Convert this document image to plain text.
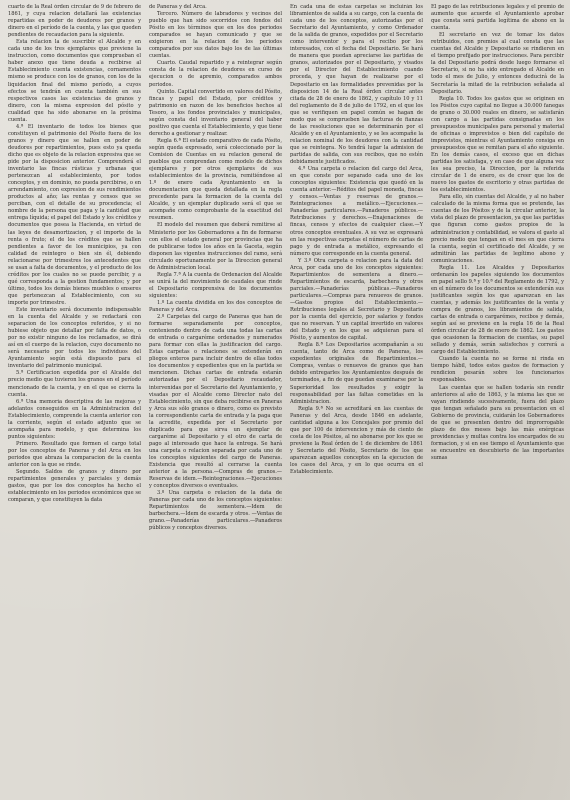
cuarto de la Real órden circular de 9 de febrero de 1861, y cuya relacion detallará las existencias repartidas en poder de deudores por granos y dinero en el período de la cuenta, y las que queden pendientes de recaudacion para la siguiente.

Esta relacion la de suscribir el Alcalde y en cada uno de los tres ejemplares que previene la instruccion, como documentos que comprueban el haber anexo que tiene deuda a recibirse al Establecimiento cuenta existencias, cornamentos mismo se produce con los de granos, con los de la liquidacion final del mismo período, a cuyos efectos se tendrán en cuenta también en sus respectivos casos las existencias de granos y dinero, con la misma expresion del pósito y cualidad que ha sido abonarse en la próxima cuenta.

4.ª El inventario de todos los bienes que constituyen el patrimonio del Pósito fuera de los granos y dinero que se hallen en poder de deudores por repartimientos, pues esto ya queda dicho que es objeto de la relacion expresiva que se pide por la disposicion anterior. Comprenderá el inventario las fincas rústicas y urbanas que pertenezcan al establecimiento, por todos conceptos, y en dominio, no pueda percibirse, o en arrendamiento, con expresion de sus rendimientos productos al año; las rentas y censos que se perciban, con el detalle de su procedencia; el nombre de la persona que paga y la cantidad que entrega líquida; el papel del Estado y los créditos y documentos que posea la Hacienda, en virtud de las leyes de desamortizacion, y el importe de la renta o fruto; el de los créditos que se hallen pendientes a favor de los municipios, ya con calidad de reintegro o bien sin él, debiendo relacionarse por trimestres los antecedentes que se usan a falta de documentos, y el producto de los créditos por los cuales no se puede percibir, y a qué corresponda a la gestion fundamentos; y por último, todos los demás bienes muebles o enseres que pertenezcan al Establecimiento, con su importe por trimestre.

Este inventario será documento indispensable en la cuenta del Alcalde y se redactará con separacion de los conceptos referidos, y si no hubiese objeto que detallar por falta de datos, o por no existir ninguno de los reclamados, se dirá así en el cuerpo de la relacion, cuyo documento no será necesario por todos los individuos del Ayuntamiento según está dispuesto para el inventario del patrimonio municipal.

5.ª Certificacion expedida por el Alcalde del precio medio que tuvieron los granos en el período mencionado de la cuenta, y en el que se cierra la cuenta.

6.ª Una memoria descriptiva de las mejoras y adelantos conseguidos en la Administracion del Establecimiento, comprende la cuenta anterior con la corriente, según el estado adjunto que se acompaña para modelo, y que determina los puntos siguientes:

Primero. Resultado que formen el cargo total por los conceptos de Paneras y del Arca en los periodos que abraza la comparacion de la cuenta anterior con la que se rinde.

Segundo. Saldos de granos y dinero por repartimientos generales y parciales y demás gastos, que por los dos conceptos ha hecho el establecimiento en los periodos económicos que se comparan, y que constituyen la data

de Paneras y del Arca.

Tercero. Número de labradores y vecinos del pueblo que han sido socorridos con fondos del Pósito en los términos que en los dos periodos comparados se hayan comunicado y que se exigieron en la relacion de los periodos comparados por sus datos bajo los de las últimas cuentas.

Cuarto. Caudal repartido y a reintegrar según consta de la relacion de deudores en curso de ejecucion o de apremio, comparados ambos periodos.

Quinto. Capital convertido en valores del Pósito, fincas y papel del Estado, por créditos y patrimonio en razon de los beneficios hechos al Tesoro, a los fondos provinciales y municipales, según consta del inventario general del haber positivo que cuenta el Establecimiento, y que tiene derecho a gestionar y realizar.

Regla 6.ª El estado comparativo de cada Pósito, según queda expresado, será coleccionado por la Comision de Cuentas en su relacion general de pueblos que comprendan como modelo de dichos ejemplares y por otros ejemplares de sus establecimientos de la provincia, remitiéndose al 1.º de enero cada Ayuntamiento en la documentacion que queda detallada en la regla precedente para la formacion de la cuenta del Alcalde, y un ejemplar duplicado será el que se acompañe como comprobante de la exactitud del resumen.

El modelo del resumen que deberá remitirse al Ministerio por los Gobernadores a fin de formarse con ellos el estado general por provincias que ha de publicarse todos los años en la Gaceta, según disponen las vigentes instrucciones del ramo, será circulado oportunamente por la Direccion general de Administracion local.

Regla 7.ª A la cuenta de Ordenacion del Alcalde se unirá la del movimiento de caudales que rinde el Depositario comprensiva de los documentos siguientes:

1.º La cuenta dividida en los dos conceptos de Paneras y del Arca.

2.º Carpetas del cargo de Paneras que han de formarse separadamente por conceptos, conteniendo dentro de cada una todas las cartas de entrada o cargaréme ordenados y numerados para formar con ellas la justificacion del cargo. Estas carpetas o relaciones se extenderán en pliegos enteros para incluir dentro de ellas todos los documentos y expedientes que en la partida se mencionen. Dichas cartas de entrada estarán autorizadas por el Depositario recaudador, intervenidas por el Secretario del Ayuntamiento, y visadas por el Alcalde como Director nato del Establecimiento, sin que deba recibirse en Paneras y Arca sus sólo granos o dinero, como es previsto la correspondiente carta de entrada y la paga que la acredite, expedida por el Secretario por duplicado para que sirva un ejemplar de cargaréme al Depositario y el otro de carta de pago al interesado que hace la entrega. Se hará una carpeta o relacion separada por cada uno de los conceptos siguientes del cargo de Paneras. Existencia que resultó al cerrarse la cuenta anterior a la persona.—Compras de granos.—Reservas de idem.—Reintegraciones.—Ejecuciones y conceptos diversos o eventuales.

3.º Una carpeta o relacion de la data de Paneras por cada uno de los conceptos siguientes: Repartimientos de sementera.—Idem de barbechera.—Ídem de escarda y otros. —Ventas de grano.—Panaderías particulares.—Panaderos públicos y conceptos diversos.

En cada una de estas carpetas se incluirán los libramientos de salida a su cargo, con la cuenta de cada uno de los conceptos, autorizadas por el Secretario del Ayuntamiento, y como Ordenador de la salida de granos, expedidos por el Secretario como interventor y para el recibo por los interesados, con el fecha del Depositario. Se hará de manera que puedan apreciarse las partidas de granos, autorizados por el Depositario, y visados por el Director del Establecimiento cuando proceda, y que hayan de realizarse por el Depositario en las formalidades prevenidas por la disposicion 14 de la Real órden circular antes citada de 28 de enero de 1862, y capítulo 10 y 11 del reglamento de 8 de julio de 1792, en el que los que se verifiquen en papel común se hagan de modo que se comprueben las facturas de fianzas de las resoluciones que se determinarán por el Alcalde y en el Ayuntamiento, y se les acompañe la relacion nominal de los deudores con la cantidad que se reintegra. No tendrá lugar la admision de partidas de salida, con sus recibos, que no estén debidamente justificados.

4.ª Una carpeta o relacion del cargo del Arca, en que conste por separado cada uno de los conceptos siguientes: Existencia que quedó en la cuenta anterior.—Réditos del papel moneda, fincas y censos.—Ventas y reservas de granos.—Reintegraciones a metálico.—Ejecuciones.—Panaderías particulares.—Panaderos públicos.—Retribuciones y derechos.—Enajenaciones de fincas, censos y efectos de cualquier clase.—Y otros conceptos eventuales. A su vez se expresará en las respectivas carpetas el número de cartas de pago y de entrada a metálico, expresando el número que corresponde en la cuenta general.

Y 3.º Otra carpeta o relacion para la data del Arca, por cada uno de los conceptos siguientes: Repartimientos de sementera a dinero.—Repartimientos de escarda, barbechera y otros parciales.—Panaderías públicas.—Panaderos particulares.—Compras para renuevos de granos.—Gastos propios del Establecimiento.—Retribuciones legales al Secretario y Depositario por la cuenta del ejercicio, por salarios y fondos que no reservan. Y un capital invertido en valores del Estado y en los que se adquieran para el Pósito, y aumentos de capital.

Regla 8.ª Los Depositarios acompañarán a su cuenta, tanto de Arca como de Paneras, los expedientes originales de Repartimientos.—Compras, ventas o renuevos de granos que han debido entregarles los Ayuntamientos después de terminados, a fin de que puedan examinarse por la Superioridad los resultados y exigir la responsabilidad por las faltas cometidas en la Administracion.

Regla 9.ª No se acreditará en las cuentas de Paneras y del Arca, desde 1846 en adelante, cantidad alguna a los Concejales por premio del que por 100 de intervencion y más de ciento de costa de los Pósitos, al no abonarse por los que se previene la Real órden de 1 de diciembre de 1861 y Secretario del Pósito, Secretario de los que aparezcan aquellos conceptos en la ejecucion de los casos del Arca, y en lo que ocurra en el Establecimiento.

El pago de las retribuciones legales y el premio de aumento que acuerde el Ayuntamiento aprobar que consta será partida legítima de abono en la cuenta.

El secretario en vez de tomar los datos retribuidos, con premios al cual consta que las cuentas del Alcalde y Depositario se rindieren en el tiempo prefijado por instrucciones. Para percibir la del Depositario podrá desde luego formarse el Secretario, si no ha sido entregado el Alcalde en todo el mes de Julio, y entonces deducirá de la Secretaría la mitad de la retribucion señalada al Depositario.

Regla 10. Todos los gastos que se originen en los Pósitos cuyo capital no llegue a 30.000 fanegas de grano o 30.000 reales en dinero, se satisfarán con cargo a las partidas consignadas en los presupuestos municipales para personal y material de oficinas o imprevistos o bien del capítulo de imprevistos, mientras el Ayuntamiento consiga en presupuestos que se remitan para el año siguiente. En los demás casos, el exceso que en dichas partidas los satisfaga, y en caso de que alguna vez les sea preciso, la Direccion, por la referida circular de 1 de enero, es de creer que los de nuevo los gastos de escritorio y otras partidas de los establecimientos.

Para ello, sin cuentas del Alcalde, y al no haber calculado de la misma forma que se pretende, las cuentas de los Pósitos y de la circular anterior, la vista del plazo de presentacion, ya que las partidas que figuran como gastos propios de la administracion y contabilidad, se valora el gasto al precio medio que tengan en el mes en que cierra la cuenta, según el certificado del Alcalde, y se admitirán las partidas de legítimo abono y comunicaciones.

Regla 11. Los Alcaldes y Depositarios ordenarán los papeles siguiendo los documentos en papel sello 9.ª y 10.ª del Reglamento de 1792, y en el número de los documentos se extenderán sus justificantes según los que aparezcan en las cuentas, y además los justificantes de la venta y compra de granos, los libramientos de salida, cartas de entrada o cargarémes, recibos y demás, según así se previene en la regla 16 de la Real órden circular de 28 de enero de 1862. Los gastos que ocasionen la formacion de cuentas, su papel sellado y demás, serán satisfechos y correrá a cargo del Establecimiento.

Cuando la cuenta no se forme ni rinda en tiempo hábil, todos estos gastos de formacion y rendicion pesarán sobre los funcionarios responsables.

Las cuentas que se hallen todavía sin rendir anteriores al año de 1863, y la misma las que se vayan rindiendo sucesivamente, fuera del plazo que tengan señalado para su presentacion en el Gobierno de provincia, cuidarán los Gobernadores de que se presenten dentro del improrrogable plazo de dos meses bajo las más enérgicas providencias y multas contra los encargados de su formacion, y si en ese tiempo el Ayuntamiento que se encuentre en descubierto de las importantes sumas
